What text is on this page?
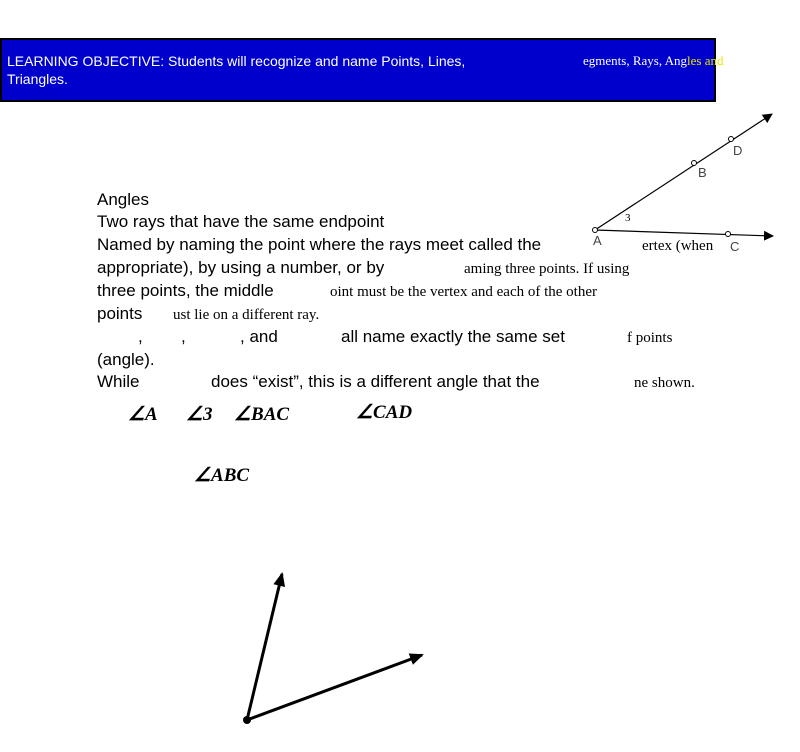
LEARNING OBJECTIVE: Students will recognize and name Points, Lines,
Triangles.
egments, Rays, Angles and
Angles
Two rays that have the same endpoint
Named by naming the point where the rays meet called the	ertex (when
appropriate), by using a number, or by	aming three points. If using
three points, the middle	oint must be the vertex and each of the other
points ust lie on a different ray.
, ,	, and	all name exactly the same set	f points
(angle).
While	does “exist”, this is a different angle that the	ne shown.
∠A ∠3 ∠BAC	∠CAD
∠ABC
A
B
D
C
3
